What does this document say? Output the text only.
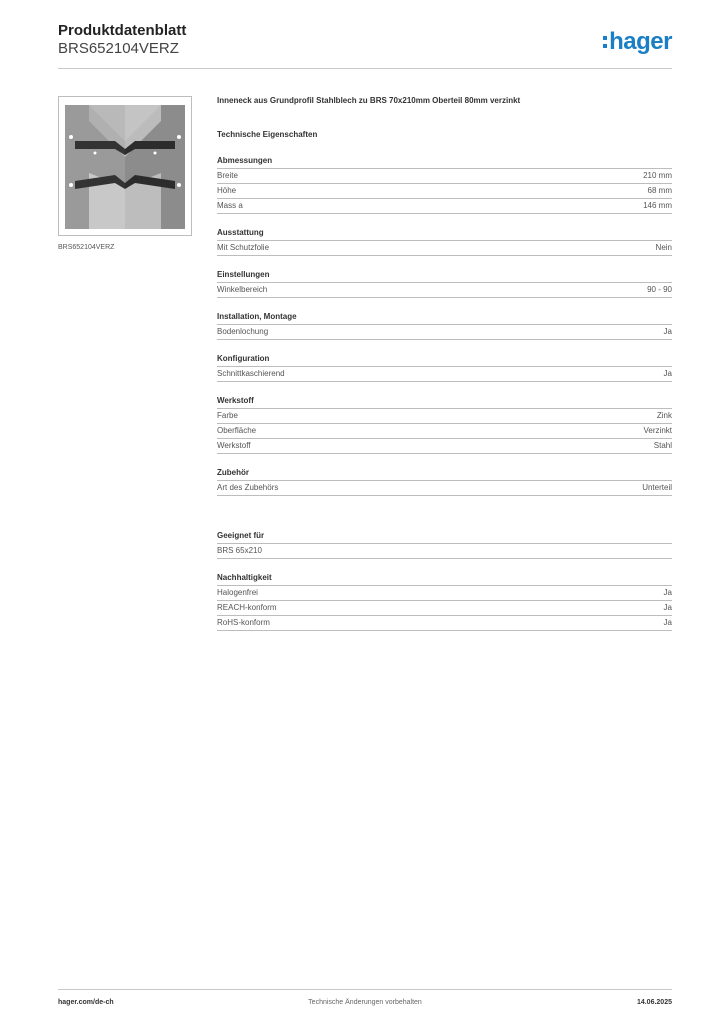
Produktdatenblatt
BRS652104VERZ	hager
BRS652104VERZ
Inneneck aus Grundprofil Stahlblech zu BRS 70x210mm Oberteil 80mm verzinkt
Technische Eigenschaften
Abmessungen
Breite	210 mm
Höhe	68 mm
Mass a	146 mm
Ausstattung
Mit Schutzfolie	Nein
Einstellungen
Winkelbereich	90 - 90
Installation, Montage
Bodenlochung	Ja
Konfiguration
Schnittkaschierend	Ja
Werkstoff
Farbe	Zink
Oberfläche	Verzinkt
Werkstoff	Stahl
Zubehör
Art des Zubehörs	Unterteil
Geeignet für
BRS 65x210
Nachhaltigkeit
Halogenfrei	Ja
REACH-konform	Ja
RoHS-konform	Ja
hager.com/de-ch	Technische Änderungen vorbehalten	14.06.2025
